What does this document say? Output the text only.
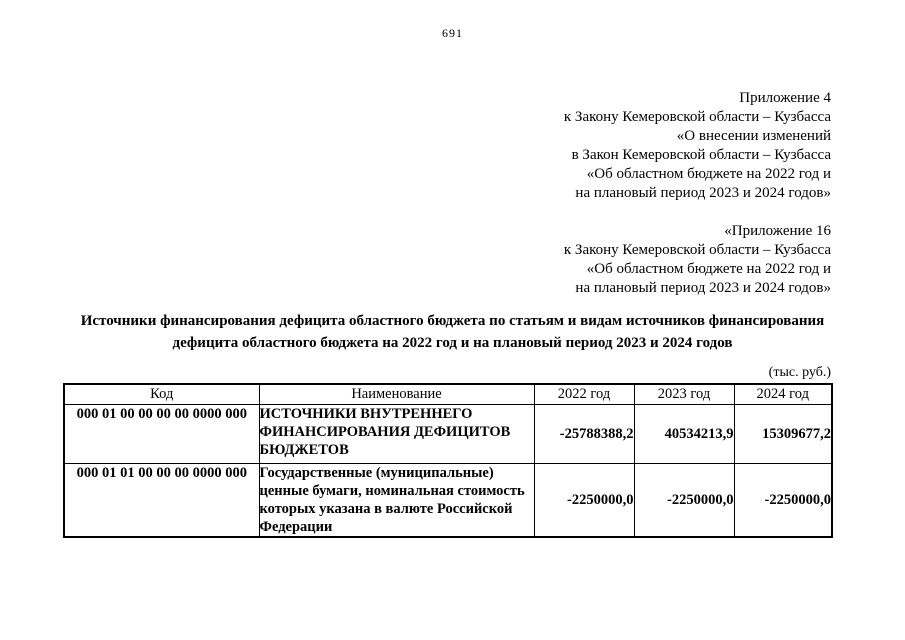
691
Приложение 4
к Закону Кемеровской области – Кузбасса
«О внесении изменений
в Закон Кемеровской области – Кузбасса
«Об областном бюджете на 2022 год и
на плановый период 2023 и 2024 годов»
«Приложение 16
к Закону Кемеровской области – Кузбасса
«Об областном бюджете на 2022 год и
на плановый период 2023 и 2024 годов»
Источники финансирования дефицита областного бюджета по статьям и видам источников финансирования дефицита областного бюджета на 2022 год и на плановый период 2023 и 2024 годов
(тыс. руб.)
Код	Наименование	2022 год	2023 год	2024 год
000 01 00 00 00 00 0000 000	ИСТОЧНИКИ ВНУТРЕННЕГО ФИНАНСИРОВАНИЯ ДЕФИЦИТОВ БЮДЖЕТОВ	-25788388,2	40534213,9	15309677,2
000 01 01 00 00 00 0000 000	Государственные (муниципальные) ценные бумаги, номинальная стоимость которых указана в валюте Российской Федерации	-2250000,0	-2250000,0	-2250000,0
